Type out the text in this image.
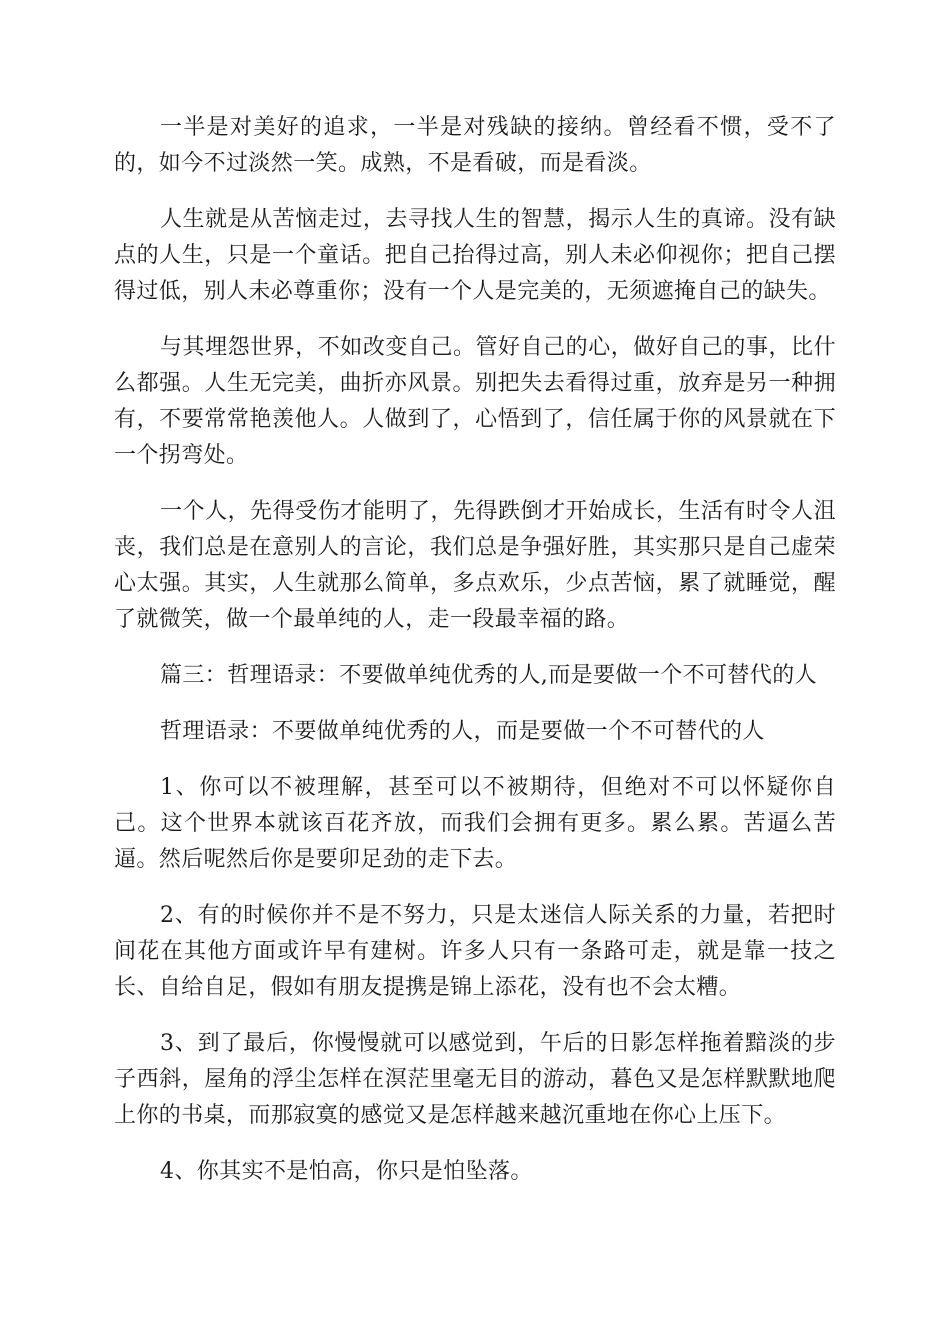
一半是对美好的追求，一半是对残缺的接纳。曾经看不惯，受不了的，如今不过淡然一笑。成熟，不是看破，而是看淡。

人生就是从苦恼走过，去寻找人生的智慧，揭示人生的真谛。没有缺点的人生，只是一个童话。把自己抬得过高，别人未必仰视你；把自己摆得过低，别人未必尊重你；没有一个人是完美的，无须遮掩自己的缺失。

与其埋怨世界，不如改变自己。管好自己的心，做好自己的事，比什么都强。人生无完美，曲折亦风景。别把失去看得过重，放弃是另一种拥有，不要常常艳羡他人。人做到了，心悟到了，信任属于你的风景就在下一个拐弯处。

一个人，先得受伤才能明了，先得跌倒才开始成长，生活有时令人沮丧，我们总是在意别人的言论，我们总是争强好胜，其实那只是自己虚荣心太强。其实，人生就那么简单，多点欢乐，少点苦恼，累了就睡觉，醒了就微笑，做一个最单纯的人，走一段最幸福的路。

篇三：哲理语录：不要做单纯优秀的人,而是要做一个不可替代的人

哲理语录：不要做单纯优秀的人，而是要做一个不可替代的人

1、你可以不被理解，甚至可以不被期待，但绝对不可以怀疑你自己。这个世界本就该百花齐放，而我们会拥有更多。累么累。苦逼么苦逼。然后呢然后你是要卯足劲的走下去。

2、有的时候你并不是不努力，只是太迷信人际关系的力量，若把时间花在其他方面或许早有建树。许多人只有一条路可走，就是靠一技之长、自给自足，假如有朋友提携是锦上添花，没有也不会太糟。

3、到了最后，你慢慢就可以感觉到，午后的日影怎样拖着黯淡的步子西斜，屋角的浮尘怎样在溟茫里毫无目的游动，暮色又是怎样默默地爬上你的书桌，而那寂寞的感觉又是怎样越来越沉重地在你心上压下。

4、你其实不是怕高，你只是怕坠落。
